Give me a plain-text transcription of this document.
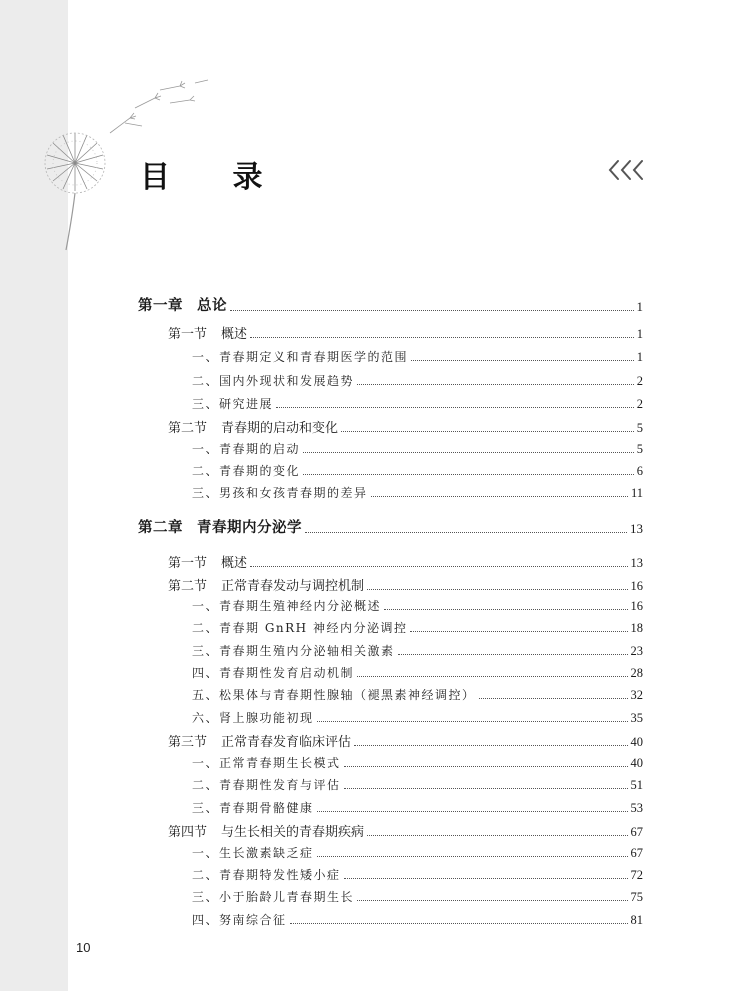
目 录
第一章 总论	1
第一节 概述	1
一、青春期定义和青春期医学的范围	1
二、国内外现状和发展趋势	2
三、研究进展	2
第二节 青春期的启动和变化	5
一、青春期的启动	5
二、青春期的变化	6
三、男孩和女孩青春期的差异	11
第二章 青春期内分泌学	13
第一节 概述	13
第二节 正常青春发动与调控机制	16
一、青春期生殖神经内分泌概述	16
二、青春期 GnRH 神经内分泌调控	18
三、青春期生殖内分泌轴相关激素	23
四、青春期性发育启动机制	28
五、松果体与青春期性腺轴（褪黑素神经调控）	32
六、肾上腺功能初现	35
第三节 正常青春发育临床评估	40
一、正常青春期生长模式	40
二、青春期性发育与评估	51
三、青春期骨骼健康	53
第四节 与生长相关的青春期疾病	67
一、生长激素缺乏症	67
二、青春期特发性矮小症	72
三、小于胎龄儿青春期生长	75
四、努南综合征	81
10
